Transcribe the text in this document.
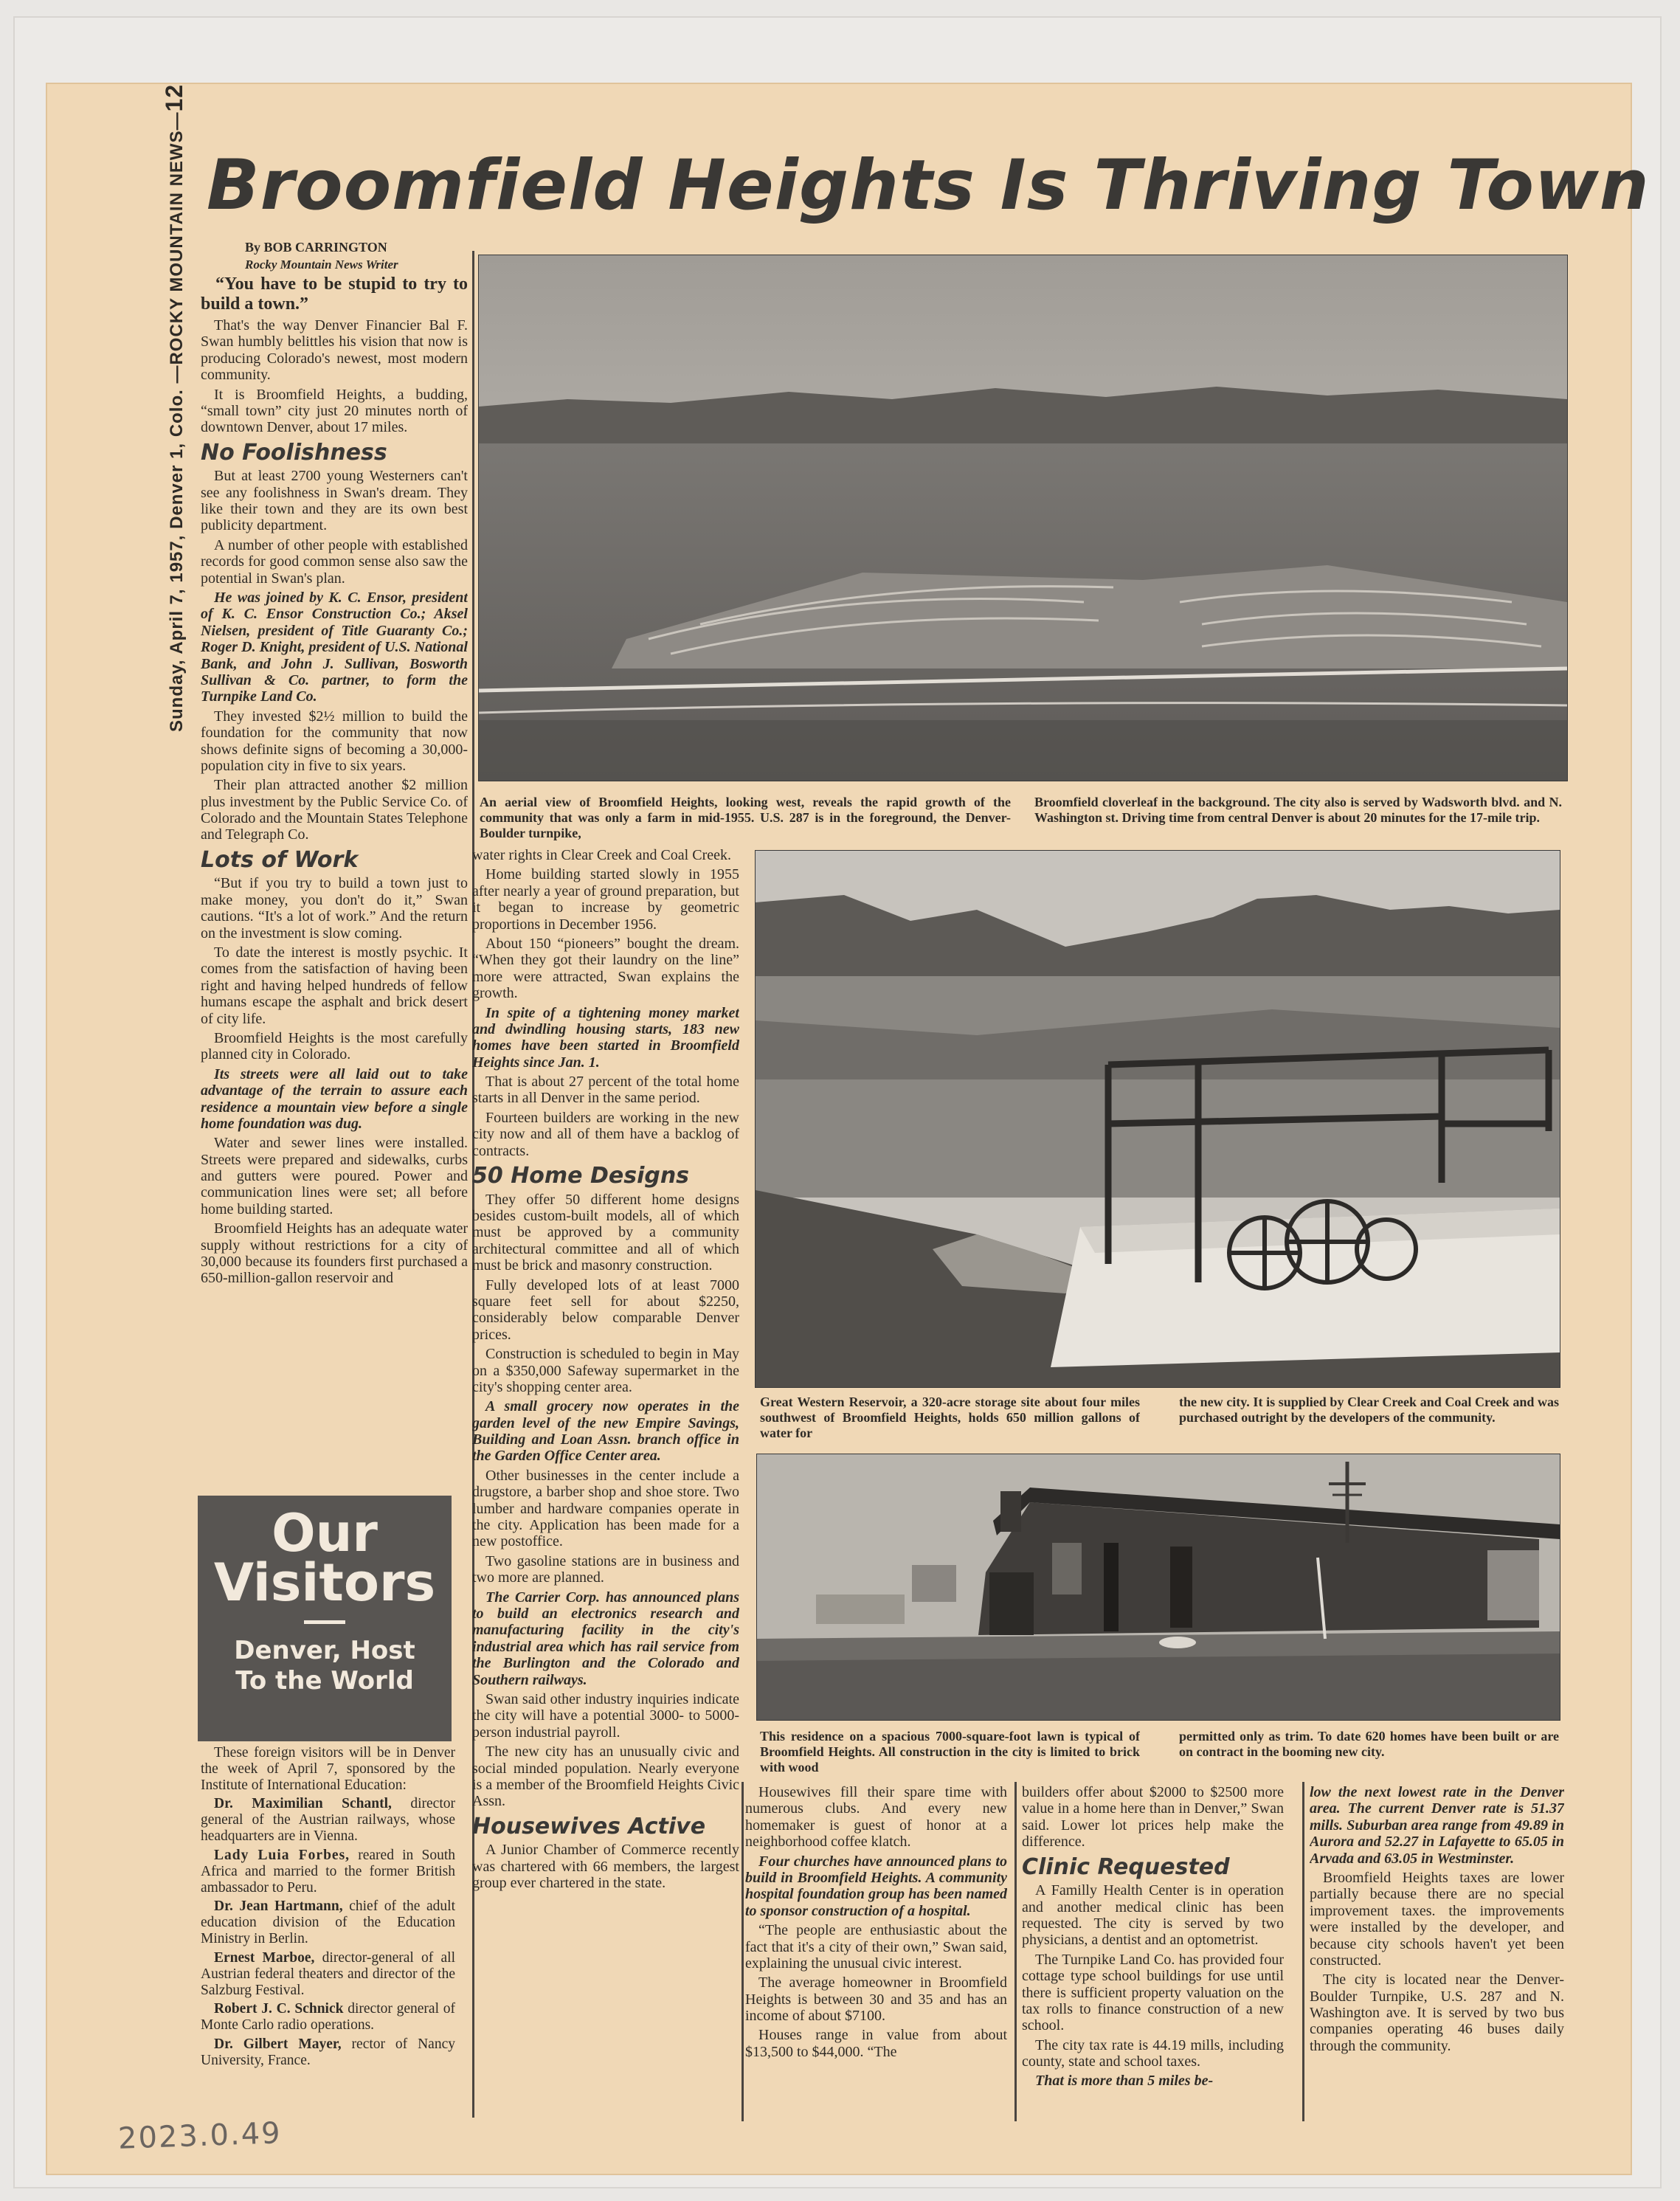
Sunday, April 7, 1957, Denver 1, Colo. —ROCKY MOUNTAIN NEWS—12
Broomfield Heights Is Thriving Town

By BOB CARRINGTON

Rocky Mountain News Writer

“You have to be stupid to try to build a town.”

That's the way Denver Financier Bal F. Swan humbly belittles his vision that now is producing Colorado's newest, most modern community.

It is Broomfield Heights, a budding, “small town” city just 20 minutes north of downtown Denver, about 17 miles.

No Foolishness

But at least 2700 young Westerners can't see any foolishness in Swan's dream. They like their town and they are its own best publicity department.

A number of other people with established records for good common sense also saw the potential in Swan's plan.

He was joined by K. C. Ensor, president of K. C. Ensor Construction Co.; Aksel Nielsen, president of Title Guaranty Co.; Roger D. Knight, president of U.S. National Bank, and John J. Sullivan, Bosworth Sullivan & Co. partner, to form the Turnpike Land Co.

They invested $2½ million to build the foundation for the community that now shows definite signs of becoming a 30,000-population city in five to six years.

Their plan attracted another $2 million plus investment by the Public Service Co. of Colorado and the Mountain States Telephone and Telegraph Co.

Lots of Work

“But if you try to build a town just to make money, you don't do it,” Swan cautions. “It's a lot of work.” And the return on the investment is slow coming.

To date the interest is mostly psychic. It comes from the satisfaction of having been right and having helped hundreds of fellow humans escape the asphalt and brick desert of city life.

Broomfield Heights is the most carefully planned city in Colorado.

Its streets were all laid out to take advantage of the terrain to assure each residence a mountain view before a single home foundation was dug.

Water and sewer lines were installed. Streets were prepared and sidewalks, curbs and gutters were poured. Power and communication lines were set; all before home building started.

Broomfield Heights has an adequate water supply without restrictions for a city of 30,000 because its founders first purchased a 650-million-gallon reservoir and

Our
Visitors
Denver, Host
To the World

These foreign visitors will be in Denver the week of April 7, sponsored by the Institute of International Education:

Dr. Maximilian Schantl, director general of the Austrian railways, whose headquarters are in Vienna.

Lady Luia Forbes, reared in South Africa and married to the former British ambassador to Peru.

Dr. Jean Hartmann, chief of the adult education division of the Education Ministry in Berlin.

Ernest Marboe, director-general of all Austrian federal theaters and director of the Salzburg Festival.

Robert J. C. Schnick director general of Monte Carlo radio operations.

Dr. Gilbert Mayer, rector of Nancy University, France.

An aerial view of Broomfield Heights, looking west, reveals the rapid growth of the community that was only a farm in mid-1955. U.S. 287 is in the foreground, the Denver-Boulder turnpike,
Broomfield cloverleaf in the background. The city also is served by Wadsworth blvd. and N. Washington st. Driving time from central Denver is about 20 minutes for the 17-mile trip.

water rights in Clear Creek and Coal Creek.

Home building started slowly in 1955 after nearly a year of ground preparation, but it began to increase by geometric proportions in December 1956.

About 150 “pioneers” bought the dream. “When they got their laundry on the line” more were attracted, Swan explains the growth.

In spite of a tightening money market and dwindling housing starts, 183 new homes have been started in Broomfield Heights since Jan. 1.

That is about 27 percent of the total home starts in all Denver in the same period.

Fourteen builders are working in the new city now and all of them have a backlog of contracts.

50 Home Designs

They offer 50 different home designs besides custom-built models, all of which must be approved by a community architectural committee and all of which must be brick and masonry construction.

Fully developed lots of at least 7000 square feet sell for about $2250, considerably below comparable Denver prices.

Construction is scheduled to begin in May on a $350,000 Safeway supermarket in the city's shopping center area.

A small grocery now operates in the garden level of the new Empire Savings, Building and Loan Assn. branch office in the Garden Office Center area.

Other businesses in the center include a drugstore, a barber shop and shoe store. Two lumber and hardware companies operate in the city. Application has been made for a new postoffice.

Two gasoline stations are in business and two more are planned.

The Carrier Corp. has announced plans to build an electronics research and manufacturing facility in the city's industrial area which has rail service from the Burlington and the Colorado and Southern railways.

Swan said other industry inquiries indicate the city will have a potential 3000- to 5000-person industrial payroll.

The new city has an unusually civic and social minded population. Nearly everyone is a member of the Broomfield Heights Civic Assn.

Housewives Active

A Junior Chamber of Commerce recently was chartered with 66 members, the largest group ever chartered in the state.

Great Western Reservoir, a 320-acre storage site about four miles southwest of Broomfield Heights, holds 650 million gallons of water for
the new city. It is supplied by Clear Creek and Coal Creek and was purchased outright by the developers of the community.
This residence on a spacious 7000-square-foot lawn is typical of Broomfield Heights. All construction in the city is limited to brick with wood
permitted only as trim. To date 620 homes have been built or are on contract in the booming new city.

Housewives fill their spare time with numerous clubs. And every new homemaker is guest of honor at a neighborhood coffee klatch.

Four churches have announced plans to build in Broomfield Heights. A community hospital foundation group has been named to sponsor construction of a hospital.

“The people are enthusiastic about the fact that it's a city of their own,” Swan said, explaining the unusual civic interest.

The average homeowner in Broomfield Heights is between 30 and 35 and has an income of about $7100.

Houses range in value from about $13,500 to $44,000. “The

builders offer about $2000 to $2500 more value in a home here than in Denver,” Swan said. Lower lot prices help make the difference.

Clinic Requested

A Familly Health Center is in operation and another medical clinic has been requested. The city is served by two physicians, a dentist and an optometrist.

The Turnpike Land Co. has provided four cottage type school buildings for use until there is sufficient property valuation on the tax rolls to finance construction of a new school.

The city tax rate is 44.19 mills, including county, state and school taxes.

That is more than 5 miles be-

low the next lowest rate in the Denver area. The current Denver rate is 51.37 mills. Suburban area range from 49.89 in Aurora and 52.27 in Lafayette to 65.05 in Arvada and 63.05 in Westminster.

Broomfield Heights taxes are lower partially because there are no special improvement taxes. the improvements were installed by the developer, and because city schools haven't yet been constructed.

The city is located near the Denver-Boulder Turnpike, U.S. 287 and N. Washington ave. It is served by two bus companies operating 46 buses daily through the community.

2023.0.49
